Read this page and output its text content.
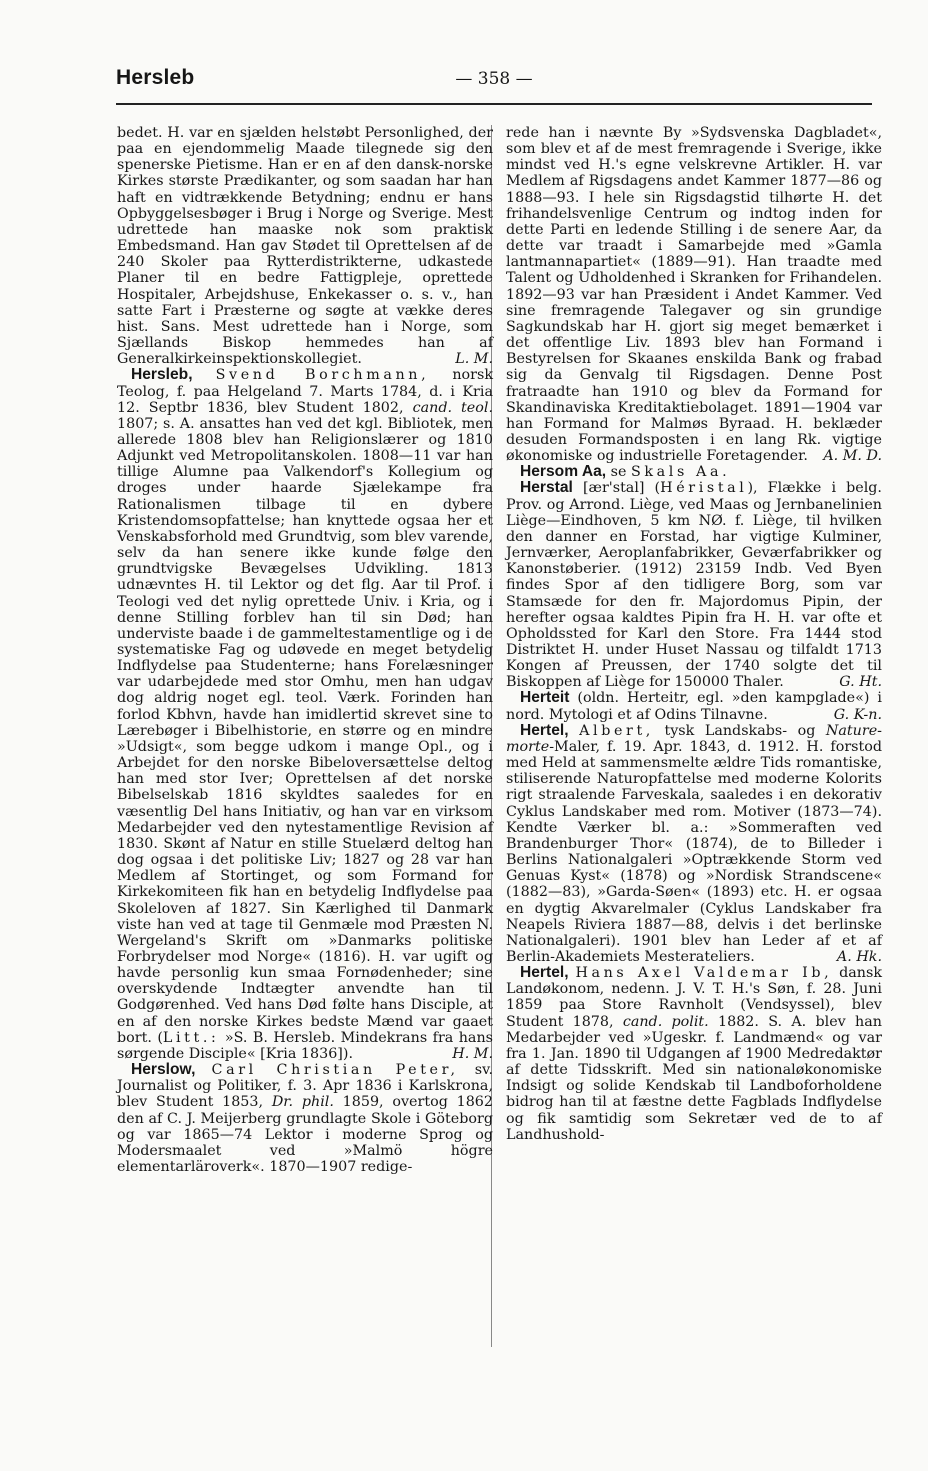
Hersleb	— 358 —

bedet. H. var en sjælden helstøbt Personlighed, der paa en ejendommelig Maade tilegnede sig den spenerske Pietisme. Han er en af den dansk-norske Kirkes største Prædikanter, og som saadan har han haft en vidtrækkende Betydning; endnu er hans Opbyggelsesbøger i Brug i Norge og Sverige. Mest udrettede han maaske nok som praktisk Embedsmand. Han gav Stødet til Oprettelsen af de 240 Skoler paa Rytterdistrikterne, udkastede Planer til en bedre Fattigpleje, oprettede Hospitaler, Arbejdshuse, Enkekasser o. s. v., han satte Fart i Præsterne og søgte at vække deres hist. Sans. Mest udrettede han i Norge, som Sjællands Biskop hemmedes han af Generalkirkeinspektionskollegiet.	L. M.

Hersleb, Svend Borchmann, norsk Teolog, f. paa Helgeland 7. Marts 1784, d. i Kria 12. Septbr 1836, blev Student 1802, cand. teol. 1807; s. A. ansattes han ved det kgl. Bibliotek, men allerede 1808 blev han Religionslærer og 1810 Adjunkt ved Metropolitanskolen. 1808—11 var han tillige Alumne paa Valkendorf's Kollegium og droges under haarde Sjælekampe fra Rationalismen tilbage til en dybere Kristendomsopfattelse; han knyttede ogsaa her et Venskabsforhold med Grundtvig, som blev varende, selv da han senere ikke kunde følge den grundtvigske Bevægelses Udvikling. 1813 udnævntes H. til Lektor og det flg. Aar til Prof. i Teologi ved det nylig oprettede Univ. i Kria, og i denne Stilling forblev han til sin Død; han underviste baade i de gammeltestamentlige og i de systematiske Fag og udøvede en meget betydelig Indflydelse paa Studenterne; hans Forelæsninger var udarbejdede med stor Omhu, men han udgav dog aldrig noget egl. teol. Værk. Forinden han forlod Kbhvn, havde han imidlertid skrevet sine to Lærebøger i Bibelhistorie, en større og en mindre »Udsigt«, som begge udkom i mange Opl., og i Arbejdet for den norske Bibeloversættelse deltog han med stor Iver; Oprettelsen af det norske Bibelselskab 1816 skyldtes saaledes for en væsentlig Del hans Initiativ, og han var en virksom Medarbejder ved den nytestamentlige Revision af 1830. Skønt af Natur en stille Stuelærd deltog han dog ogsaa i det politiske Liv; 1827 og 28 var han Medlem af Stortinget, og som Formand for Kirkekomiteen fik han en betydelig Indflydelse paa Skoleloven af 1827. Sin Kærlighed til Danmark viste han ved at tage til Genmæle mod Præsten N. Wergeland's Skrift om »Danmarks politiske Forbrydelser mod Norge« (1816). H. var ugift og havde personlig kun smaa Fornødenheder; sine overskydende Indtægter anvendte han til Godgørenhed. Ved hans Død følte hans Disciple, at en af den norske Kirkes bedste Mænd var gaaet bort. (Litt.: »S. B. Hersleb. Mindekrans fra hans sørgende Disciple« [Kria 1836]).	H. M.

Herslow, Carl Christian Peter, sv. Journalist og Politiker, f. 3. Apr 1836 i Karlskrona, blev Student 1853, Dr. phil. 1859, overtog 1862 den af C. J. Meijerberg grundlagte Skole i Göteborg og var 1865—74 Lektor i moderne Sprog og Modersmaalet ved »Malmö högre elementarläroverk«. 1870—1907 redige-

rede han i nævnte By »Sydsvenska Dagbladet«, som blev et af de mest fremragende i Sverige, ikke mindst ved H.'s egne velskrevne Artikler. H. var Medlem af Rigsdagens andet Kammer 1877—86 og 1888—93. I hele sin Rigsdagstid tilhørte H. det frihandelsvenlige Centrum og indtog inden for dette Parti en ledende Stilling i de senere Aar, da dette var traadt i Samarbejde med »Gamla lantmannapartiet« (1889—91). Han traadte med Talent og Udholdenhed i Skranken for Frihandelen. 1892—93 var han Præsident i Andet Kammer. Ved sine fremragende Talegaver og sin grundige Sagkundskab har H. gjort sig meget bemærket i det offentlige Liv. 1893 blev han Formand i Bestyrelsen for Skaanes enskilda Bank og frabad sig da Genvalg til Rigsdagen. Denne Post fratraadte han 1910 og blev da Formand for Skandinaviska Kreditaktiebolaget. 1891—1904 var han Formand for Malmøs Byraad. H. beklæder desuden Formandsposten i en lang Rk. vigtige økonomiske og industrielle Foretagender.	A. M. D.

Hersom Aa, se Skals Aa.

Herstal [ær'stal] (Héristal), Flække i belg. Prov. og Arrond. Liège, ved Maas og Jernbanelinien Liège—Eindhoven, 5 km NØ. f. Liège, til hvilken den danner en Forstad, har vigtige Kulminer, Jernværker, Aeroplanfabrikker, Geværfabrikker og Kanonstøberier. (1912) 23159 Indb. Ved Byen findes Spor af den tidligere Borg, som var Stamsæde for den fr. Majordomus Pipin, der herefter ogsaa kaldtes Pipin fra H. H. var ofte et Opholdssted for Karl den Store. Fra 1444 stod Distriktet H. under Huset Nassau og tilfaldt 1713 Kongen af Preussen, der 1740 solgte det til Biskoppen af Liège for 150000 Thaler.	G. Ht.

Herteit (oldn. Herteitr, egl. »den kampglade«) i nord. Mytologi et af Odins Tilnavne.	G. K-n.

Hertel, Albert, tysk Landskabs- og Nature-morte-Maler, f. 19. Apr. 1843, d. 1912. H. forstod med Held at sammensmelte ældre Tids romantiske, stiliserende Naturopfattelse med moderne Kolorits rigt straalende Farveskala, saaledes i en dekorativ Cyklus Landskaber med rom. Motiver (1873—74). Kendte Værker bl. a.: »Sommeraften ved Brandenburger Thor« (1874), de to Billeder i Berlins Nationalgaleri »Optrækkende Storm ved Genuas Kyst« (1878) og »Nordisk Strandscene« (1882—83), »Garda-Søen« (1893) etc. H. er ogsaa en dygtig Akvarelmaler (Cyklus Landskaber fra Neapels Riviera 1887—88, delvis i det berlinske Nationalgaleri). 1901 blev han Leder af et af Berlin-Akademiets Mesterateliers.	A. Hk.

Hertel, Hans Axel Valdemar Ib, dansk Landøkonom, nedenn. J. V. T. H.'s Søn, f. 28. Juni 1859 paa Store Ravnholt (Vendsyssel), blev Student 1878, cand. polit. 1882. S. A. blev han Medarbejder ved »Ugeskr. f. Landmænd« og var fra 1. Jan. 1890 til Udgangen af 1900 Medredaktør af dette Tidsskrift. Med sin nationaløkonomiske Indsigt og solide Kendskab til Landboforholdene bidrog han til at fæstne dette Fagblads Indflydelse og fik samtidig som Sekretær ved de to af Landhushold-
